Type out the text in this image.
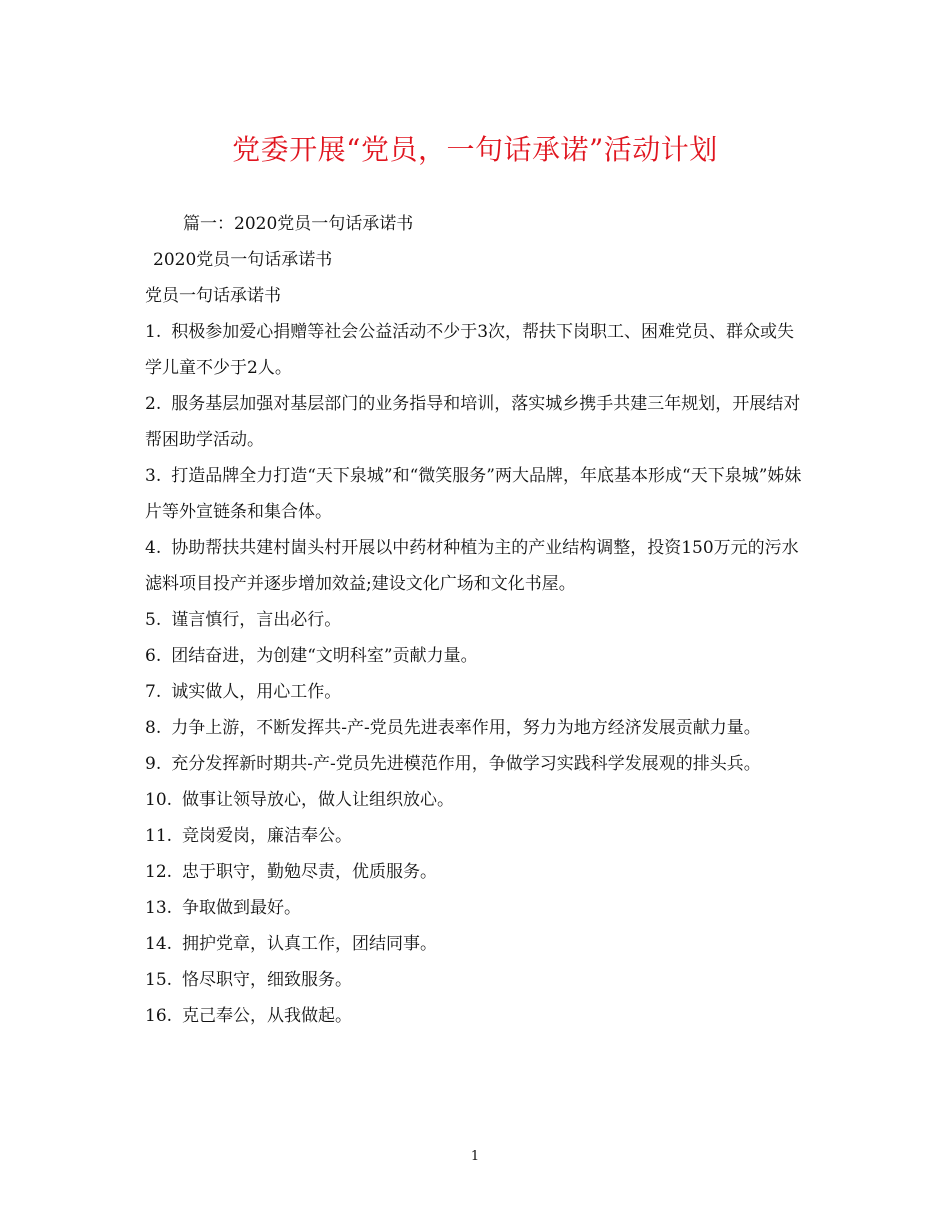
党委开展“党员，一句话承诺”活动计划

篇一：2020党员一句话承诺书

2020党员一句话承诺书

党员一句话承诺书

1. 积极参加爱心捐赠等社会公益活动不少于3次，帮扶下岗职工、困难党员、群众或失学儿童不少于2人。

2. 服务基层加强对基层部门的业务指导和培训，落实城乡携手共建三年规划，开展结对帮困助学活动。

3. 打造品牌全力打造“天下泉城”和“微笑服务”两大品牌，年底基本形成“天下泉城”姊妹片等外宣链条和集合体。

4. 协助帮扶共建村崮头村开展以中药材种植为主的产业结构调整，投资150万元的污水滤料项目投产并逐步增加效益;建设文化广场和文化书屋。

5. 谨言慎行，言出必行。

6. 团结奋进，为创建“文明科室”贡献力量。

7. 诚实做人，用心工作。

8. 力争上游，不断发挥共-产-党员先进表率作用，努力为地方经济发展贡献力量。

9. 充分发挥新时期共-产-党员先进模范作用，争做学习实践科学发展观的排头兵。

10. 做事让领导放心，做人让组织放心。

11. 竞岗爱岗，廉洁奉公。

12. 忠于职守，勤勉尽责，优质服务。

13. 争取做到最好。

14. 拥护党章，认真工作，团结同事。

15. 恪尽职守，细致服务。

16. 克己奉公，从我做起。

1
